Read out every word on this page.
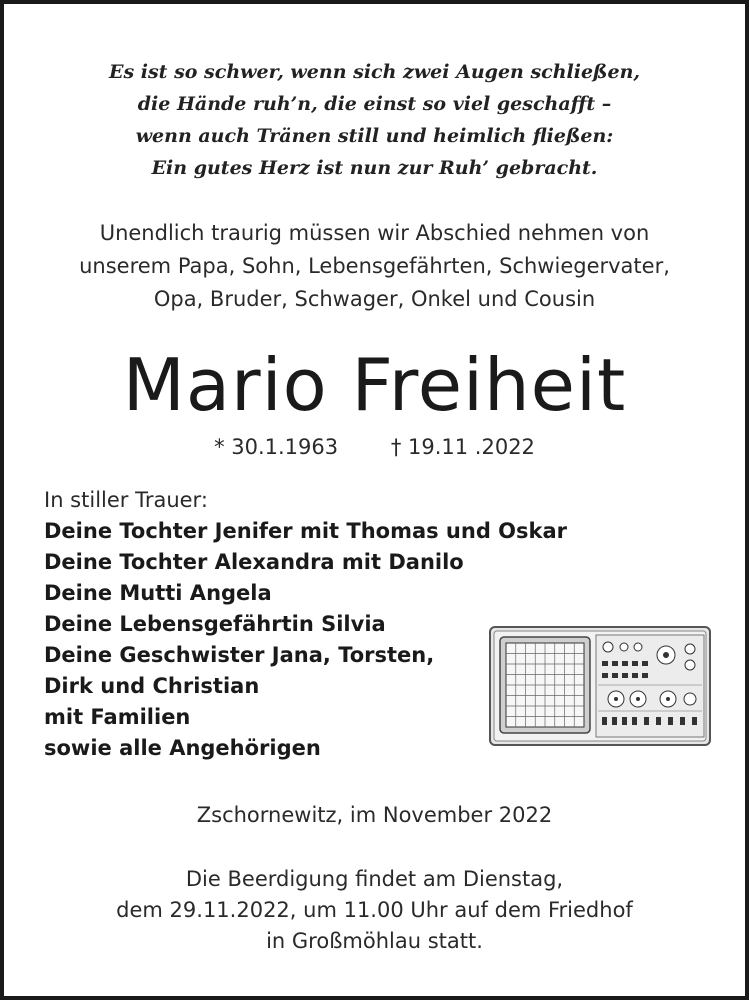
Es ist so schwer, wenn sich zwei Augen schließen,
die Hände ruh’n, die einst so viel geschafft –
wenn auch Tränen still und heimlich fließen:
Ein gutes Herz ist nun zur Ruh’ gebracht.
Unendlich traurig müssen wir Abschied nehmen von
unserem Papa, Sohn, Lebensgefährten, Schwiegervater,
Opa, Bruder, Schwager, Onkel und Cousin
Mario Freiheit
* 30.1.1963	† 19.11 .2022
In stiller Trauer:
Deine Tochter Jenifer mit Thomas und Oskar
Deine Tochter Alexandra mit Danilo
Deine Mutti Angela
Deine Lebensgefährtin Silvia
Deine Geschwister Jana, Torsten,
Dirk und Christian
mit Familien
sowie alle Angehörigen
Zschornewitz, im November 2022
Die Beerdigung findet am Dienstag,
dem 29.11.2022, um 11.00 Uhr auf dem Friedhof
in Großmöhlau statt.
